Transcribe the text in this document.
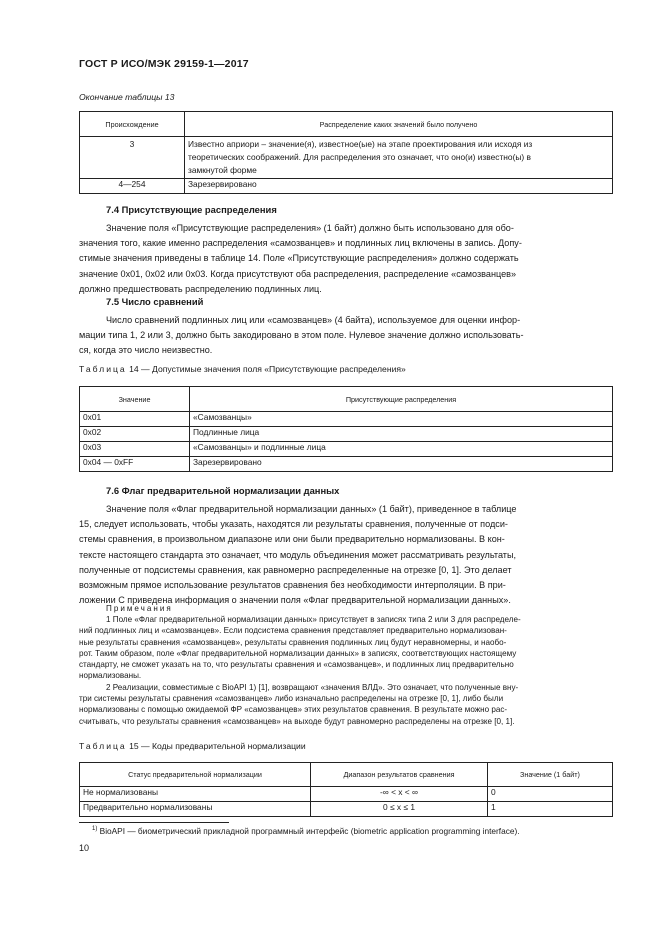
ГОСТ Р ИСО/МЭК 29159-1—2017
Окончание таблицы 13
Происхождение	Распределение каких значений было получено
3	Известно априори – значение(я), известное(ые) на этапе проектирования или исходя из
теоретических соображений. Для распределения это означает, что оно(и) известно(ы) в
замкнутой форме

4—254	Зарезервировано
7.4 Присутствующие распределения
Значение поля «Присутствующие распределения» (1 байт) должно быть использовано для обо-
значения того, какие именно распределения «самозванцев» и подлинных лиц включены в запись. Допу-
стимые значения приведены в таблице 14. Поле «Присутствующие распределения» должно содержать
значение 0x01, 0x02 или 0x03. Когда присутствуют оба распределения, распределение «самозванцев»
должно предшествовать распределению подлинных лиц.
7.5 Число сравнений
Число сравнений подлинных лиц или «самозванцев» (4 байта), используемое для оценки инфор-
мации типа 1, 2 или 3, должно быть закодировано в этом поле. Нулевое значение должно использовать-
ся, когда это число неизвестно.
Таблица 14 — Допустимые значения поля «Присутствующие распределения»
Значение	Присутствующие распределения
0x01	«Самозванцы»
0x02	Подлинные лица
0x03	«Самозванцы» и подлинные лица
0x04 — 0xFF	Зарезервировано
7.6 Флаг предварительной нормализации данных
Значение поля «Флаг предварительной нормализации данных» (1 байт), приведенное в таблице
15, следует использовать, чтобы указать, находятся ли результаты сравнения, полученные от подси-
стемы сравнения, в произвольном диапазоне или они были предварительно нормализованы. В кон-
тексте настоящего стандарта это означает, что модуль объединения может рассматривать результаты,
полученные от подсистемы сравнения, как равномерно распределенные на отрезке [0, 1]. Это делает
возможным прямое использование результатов сравнения без необходимости интерполяции. В при-
ложении С приведена информация о значении поля «Флаг предварительной нормализации данных».
Примечания
1 Поле «Флаг предварительной нормализации данных» присутствует в записях типа 2 или 3 для распределе-
ний подлинных лиц и «самозванцев». Если подсистема сравнения представляет предварительно нормализован-
ные результаты сравнения «самозванцев», результаты сравнения подлинных лиц будут неравномерны, и наобо-
рот. Таким образом, поле «Флаг предварительной нормализации данных» в записях, соответствующих настоящему
стандарту, не сможет указать на то, что результаты сравнения и «самозванцев», и подлинных лиц предварительно
нормализованы.
2 Реализации, совместимые с BioAPI 1) [1], возвращают «значения ВЛД». Это означает, что полученные вну-
три системы результаты сравнения «самозванцев» либо изначально распределены на отрезке [0, 1], либо были
нормализованы с помощью ожидаемой ФР «самозванцев» этих результатов сравнения. В результате можно рас-
считывать, что результаты сравнения «самозванцев» на выходе будут равномерно распределены на отрезке [0, 1].
Таблица 15 — Коды предварительной нормализации
Статус предварительной нормализации	Диапазон результатов сравнения	Значение (1 байт)
Не нормализованы	-∞ < x < ∞	0
Предварительно нормализованы	0 ≤ x ≤ 1	1
$^{1)}$ BioAPI — биометрический прикладной программный интерфейс (biometric application programming interface).
10
